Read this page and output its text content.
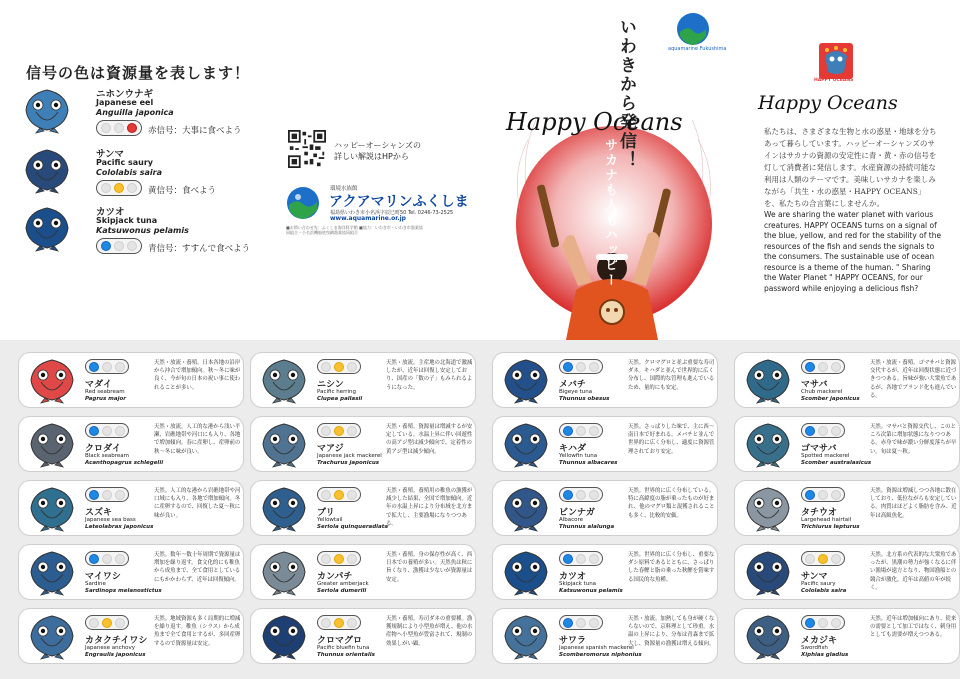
信号の色は資源量を表します！
ニホンウナギ
Japanese eel
Anguilla japonica
赤信号：大事に食べよう
サンマ
Pacific saury
Cololabis saira
黄信号：食べよう
カツオ
Skipjack tuna
Katsuwonus pelamis
青信号：すすんで食べよう
ハッピーオーシャンズの
詳しい解説はHPから
環境水族館
アクアマリンふくしま
福島県いわき市小名浜字辰巳町50 Tel. 0246-73-2525
www.aquamarine.or.jp
■お問い合わせ先：ふくしま海洋科学館 ■協力：いわき市・いわき市漁業協同組合・小名浜機船底曳網漁業協同組合
aquamarine Fukushima
いわきから発信！
サカナも人もハッピー
Happy Oceans
HAPPY OCEANS
Happy Oceans
私たちは、さまざまな生物と水の惑星・地球を分ちあって暮らしています。ハッピーオーシャンズのサインはサカナの資源の安定性に青・黄・赤の信号を灯して消費者に発信します。水産資源の持続可能な利用は人類のテーマです。美味しいサカナを楽しみながら「共生・水の惑星・HAPPY OCEANS」を、私たちの合言葉にしませんか。
We are sharing the water planet with various creatures. HAPPY OCEANS turns on a signal of the blue, yellow, and red for the stability of the resources of the fish and sends the signals to the consumers. The sustainable use of ocean resource is a theme of the human. " Sharing the Water Planet " HAPPY OCEANS, for our password while enjoying a delicious fish?
マダイ
Red seabream
Pagrus major
天然・放流・養殖。日本各地の沿岸から沖合で増加傾向。秋〜冬に味が良く、今が旬の日本の祝い事に使われることが多い。
クロダイ
Black seabream
Acanthopagrus schlegelii
天然・放流。人工的な港から浅い平瀬、岩礁地帯や河口にも入り、各地で増加傾向。春に産卵し、産卵前の秋〜冬に味が良い。
スズキ
Japanese sea bass
Lateolabrax japonicus
天然。人工的な港から岩礁地帯や河口域にも入り、各地で増加傾向。冬に産卵するので、回復した夏〜秋に味が良い。
マイワシ
Sardine
Sardinops melanostictus
天然。数年〜数十年周期で資源量は増加を繰り返す。食文化的にも稚魚から成魚まで、全て食用としているにもかかわらず、近年は回復傾向。
カタクチイワシ
Japanese anchovy
Engraulis japonicus
天然。地域資源も多く局期的に増減を繰り返す。稚魚（シラス）から成魚まで全て食用とするが、多回産卵するので資源量は安定。
ニシン
Pacific herring
Clupea pallasii
天然・放流。主産地の北海道で激減したが、近年は回復し安定しており、国産の「数の子」もみられるようになった。
マアジ
Japanese jack mackerel
Trachurus japonicus
天然・養殖。資源量は増減するが安定している。水温上昇に伴い回遊性の高アジ型は減少傾向で、定着性の黄アジ型は減少傾向。
ブリ
Yellowtail
Seriola quinqueradiata
天然・養殖。養殖用の稚魚の漁獲が減少した結果、全国で増加傾向。近年の水温上昇により分布域を北方まで拡大し、主要漁場になりつつある。
カンパチ
Greater amberjack
Seriola dumerili
天然・養殖。身の保存性が高く、西日本での養殖が多い。天然魚は秋に旨くなり、漁獲は少ないが資源量は安定。
クロマグロ
Pacific bluefin tuna
Thunnus orientalis
天然・養殖。寿司ダネの重要種。漁獲規制により小型魚が増え、他の水産物へ小型魚が豊富されて、規制の効果しがい顕。
メバチ
Bigeye tuna
Thunnus obesus
天然。クロマグロと並ぶ重要な寿司ダネ。キハダと並んで世界的に広く分布し、国際的な管理も進んでいるため、量的にも安定。
キハダ
Yellowfin tuna
Thunnus albacares
天然。さっぱりした味で、主に西〜南日本で好まれる。メバチと並んで世界的に広く分布し、適度に資源管理されており安定。
ビンナガ
Albacore
Thunnus alalunga
天然。世界的に広く分布している。特に高緯度の脂が乗ったものが好まれ、他のマグロ類と混獲されることも多く、比較的安価。
カツオ
Skipjack tuna
Katsuwonus pelamis
天然。世界的に広く分布し、重要なダシ原料であるとともに、さっぱりした春鰹と脂の乗った秋鰹を賞味する国民的な魚種。
サワラ
Japanese spanish mackerel
Scomberomorus niphonius
天然・放流。加熱しても身が硬くならないので、京料理として珍重。水温の上昇により、分布は青森まで拡大し、資源量の漁獲は増える傾向。
マサバ
Chub mackerel
Scomber japonicus
天然・放流・養殖。ゴマサバと資源交代するが、近年は回復状態に近づきつつある。旨味が強い大衆魚であるが、各地でブランド化も進んでいる。
ゴマサバ
Spotted mackerel
Scomber australasicus
天然。マサバと資源交代し、このところ次第に増加状態になりつつある。赤身で味が濃い分鮮度落ちが早い。旬は夏〜秋。
タチウオ
Largehead hairtail
Trichiurus lepturus
天然。資源は増減しつつ各地に散在しており、低位ながらも安定している。肉質はほどよく脂肪を含み、近年は高級魚化。
サンマ
Pacific saury
Cololabis saira
天然。北方系の代表的な大衆魚であったが、黒潮の勢力が強くなるに伴い漁場が遠方となり、物国漁船との競合が激化。近年は高値の年が続く。
メカジキ
Swordfish
Xiphias gladius
天然。近年は増加傾向にあり、従来の需要として加工ではなく、刺身用としても需要が増えつつある。
